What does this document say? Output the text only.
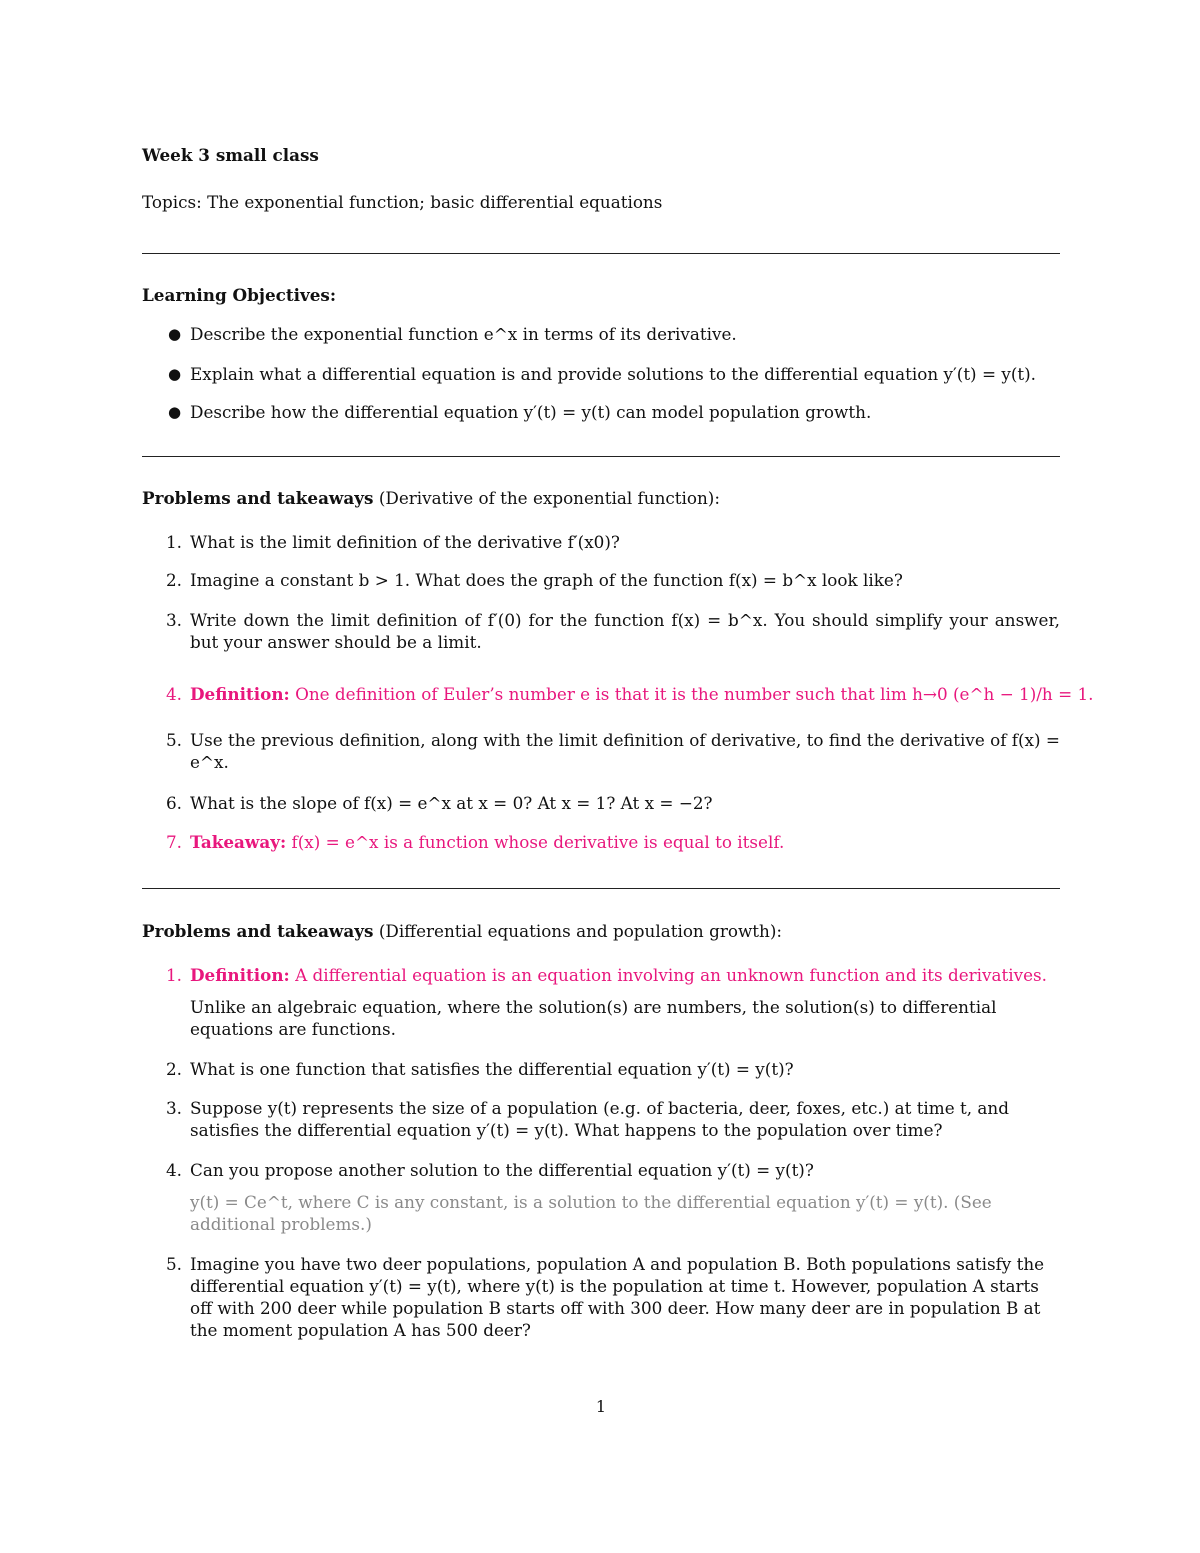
Week 3 small class
Topics: The exponential function; basic differential equations
Learning Objectives:
● Describe the exponential function e^x in terms of its derivative.
● Explain what a differential equation is and provide solutions to the differential equation y′(t) = y(t).
● Describe how the differential equation y′(t) = y(t) can model population growth.
Problems and takeaways (Derivative of the exponential function):
1. What is the limit definition of the derivative f′(x0)?
2. Imagine a constant b > 1. What does the graph of the function f(x) = b^x look like?
3. Write down the limit definition of f′(0) for the function f(x) = b^x. You should simplify your answer, but your answer should be a limit.
4. Definition: One definition of Euler’s number e is that it is the number such that lim h→0 (e^h − 1)/h = 1.
5. Use the previous definition, along with the limit definition of derivative, to find the derivative of f(x) = e^x.
6. What is the slope of f(x) = e^x at x = 0? At x = 1? At x = −2?
7. Takeaway: f(x) = e^x is a function whose derivative is equal to itself.
Problems and takeaways (Differential equations and population growth):
1. Definition: A differential equation is an equation involving an unknown function and its derivatives.
Unlike an algebraic equation, where the solution(s) are numbers, the solution(s) to differential equations are functions.
2. What is one function that satisfies the differential equation y′(t) = y(t)?
3. Suppose y(t) represents the size of a population (e.g. of bacteria, deer, foxes, etc.) at time t, and satisfies the differential equation y′(t) = y(t). What happens to the population over time?
4. Can you propose another solution to the differential equation y′(t) = y(t)?
y(t) = Ce^t, where C is any constant, is a solution to the differential equation y′(t) = y(t). (See additional problems.)
5. Imagine you have two deer populations, population A and population B. Both populations satisfy the differential equation y′(t) = y(t), where y(t) is the population at time t. However, population A starts off with 200 deer while population B starts off with 300 deer. How many deer are in population B at the moment population A has 500 deer?
1
